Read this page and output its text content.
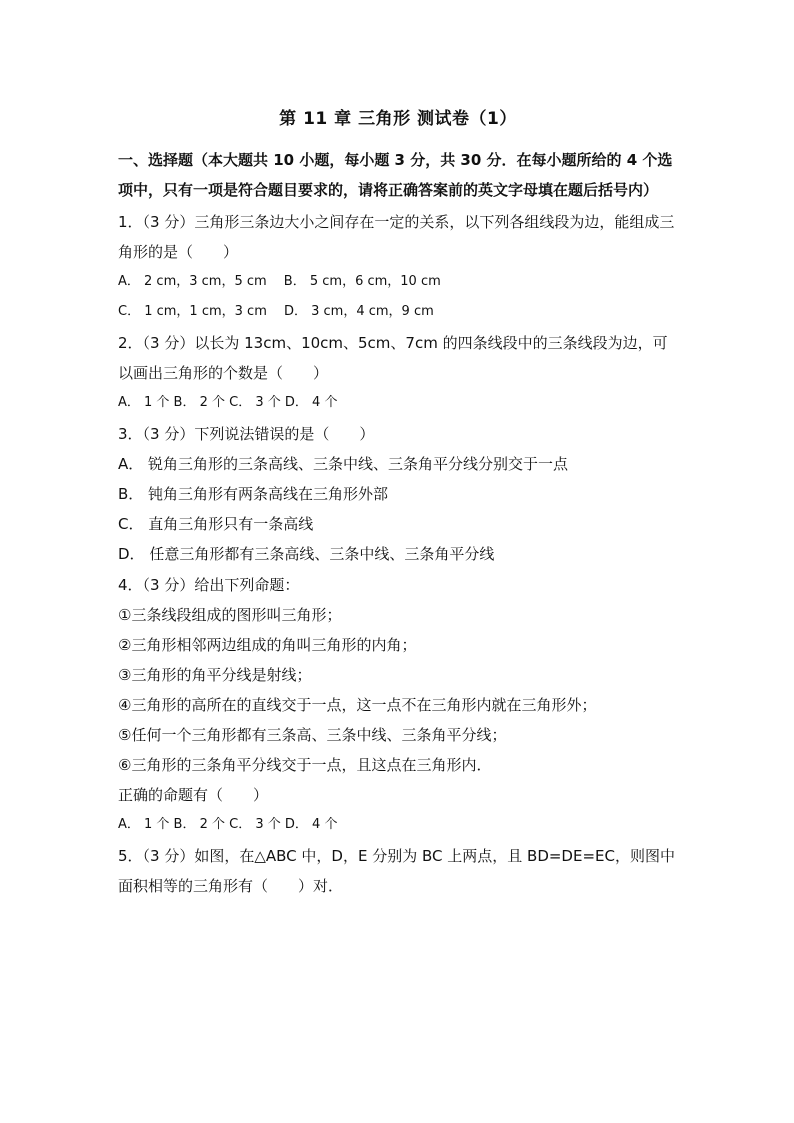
第 11 章 三角形 测试卷（1）
一、选择题（本大题共 10 小题，每小题 3 分，共 30 分．在每小题所给的 4 个选项中，只有一项是符合题目要求的，请将正确答案前的英文字母填在题后括号内）
1．（3 分）三角形三条边大小之间存在一定的关系，以下列各组线段为边，能组成三角形的是（　　）
A． 2 cm，3 cm，5 cm　 B． 5 cm，6 cm，10 cm
C． 1 cm，1 cm，3 cm　 D． 3 cm，4 cm，9 cm
2．（3 分）以长为 13cm、10cm、5cm、7cm 的四条线段中的三条线段为边，可以画出三角形的个数是（　　）
A． 1 个 B． 2 个 C． 3 个 D． 4 个
3．（3 分）下列说法错误的是（　　）
A． 锐角三角形的三条高线、三条中线、三条角平分线分别交于一点
B． 钝角三角形有两条高线在三角形外部
C． 直角三角形只有一条高线
D． 任意三角形都有三条高线、三条中线、三条角平分线
4．（3 分）给出下列命题：
①三条线段组成的图形叫三角形；
②三角形相邻两边组成的角叫三角形的内角；
③三角形的角平分线是射线；
④三角形的高所在的直线交于一点，这一点不在三角形内就在三角形外；
⑤任何一个三角形都有三条高、三条中线、三条角平分线；
⑥三角形的三条角平分线交于一点，且这点在三角形内．
正确的命题有（　　）
A． 1 个 B． 2 个 C． 3 个 D． 4 个
5．（3 分）如图，在△ABC 中，D，E 分别为 BC 上两点，且 BD=DE=EC，则图中面积相等的三角形有（　　）对．
